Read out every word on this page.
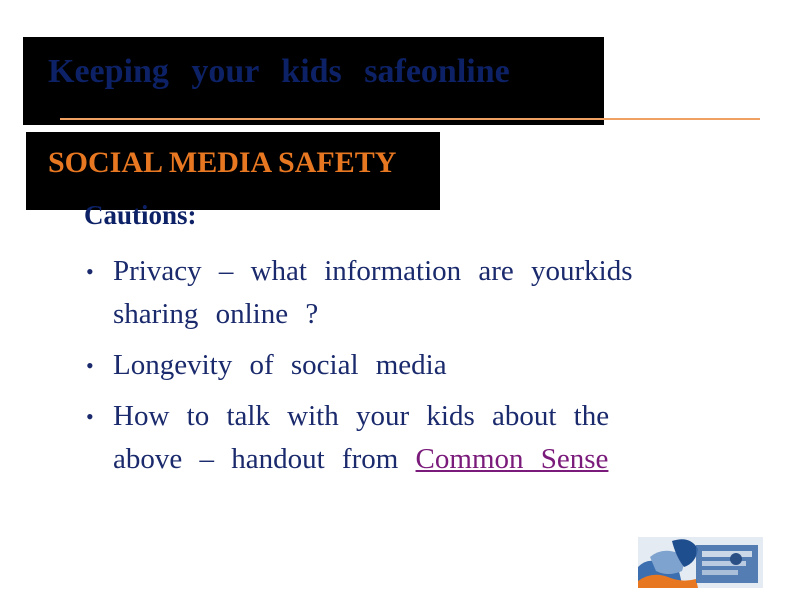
Keeping your kids safeonline
SOCIAL MEDIA SAFETY
Cautions:
• Privacy – what information are yourkids sharing online ?
• Longevity of social media
• How to talk with your kids about the above – handout from Common Sense
